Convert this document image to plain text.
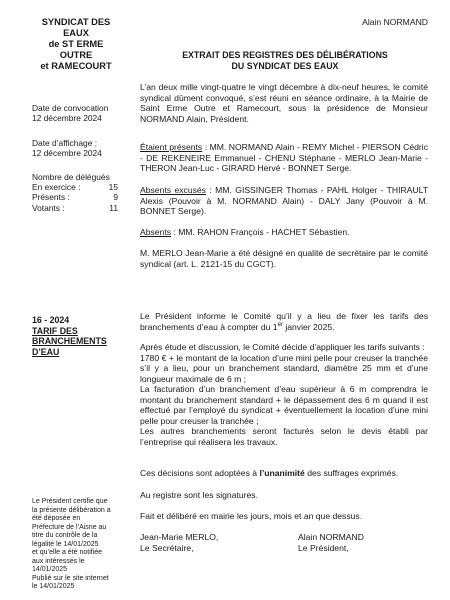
SYNDICAT DES
EAUX
de ST ERME
OUTRE
et RAMECOURT
Alain NORMAND
EXTRAIT DES REGISTRES DES DÉLIBÉRATIONS
DU SYNDICAT DES EAUX
Date de convocation
12 décembre 2024
Date d’affichage :
12 décembre 2024
Nombre de délégués
En exercice :	15
Présents :	9
Votants :	11

L’an deux mille vingt-quatre le vingt décembre à dix-neuf heures, le comité syndical dûment convoqué, s’est réuni en séance ordinaire, à la Mairie de Saint Erme Outre et Ramecourt, sous la présidence de Monsieur NORMAND Alain, Président.

Étaient présents : MM. NORMAND Alain - REMY Michel - PIERSON Cédric - DE REKENEIRE Emmanuel - CHENU Stéphane - MERLO Jean-Marie - THERON Jean-Luc - GIRARD Hervé - BONNET Serge.

Absents excusés : MM. GISSINGER Thomas - PAHL Holger - THIRAULT Alexis (Pouvoir à M. NORMAND Alain) - DALY Jany (Pouvoir à M. BONNET Serge).

Absents : MM. RAHON François - HACHET Sébastien.

M. MERLO Jean-Marie a été désigné en qualité de secrétaire par le comité syndical (art. L. 2121-15 du CGCT).

16 - 2024
TARIF DES
BRANCHEMENTS
D’EAU

Le Président informe le Comité qu’il y a lieu de fixer les tarifs des branchements d’eau à compter du 1er janvier 2025.

Après étude et discussion, le Comité décide d’appliquer les tarifs suivants :

1780 € + le montant de la location d’une mini pelle pour creuser la tranchée s’il y a lieu, pour un branchement standard, diamètre 25 mm et d’une longueur maximale de 6 m ;

La facturation d’un branchement d’eau supérieur à 6 m comprendra le montant du branchement standard + le dépassement des 6 m quand il est effectué par l’employé du syndicat + éventuellement la location d’une mini pelle pour creuser la tranchée ;

Les autres branchements seront facturés selon le devis établi par l’entreprise qui réalisera les travaux.

Ces décisions sont adoptées à l’unanimité des suffrages exprimés.

Au registre sont les signatures.

Fait et délibéré en mairie les jours, mois et an que dessus.

Jean-Marie MERLO,
Le Secrétaire,
Alain NORMAND
Le Président,
Le Président certifie que
la présente délibération a
été déposée en
Préfecture de l’Aisne au
titre du contrôle de la
légalité le 14/01/2025
et qu’elle a été notifiée
aux intéressés le
14/01/2025
Publié sur le site internet
le 14/01/2025
